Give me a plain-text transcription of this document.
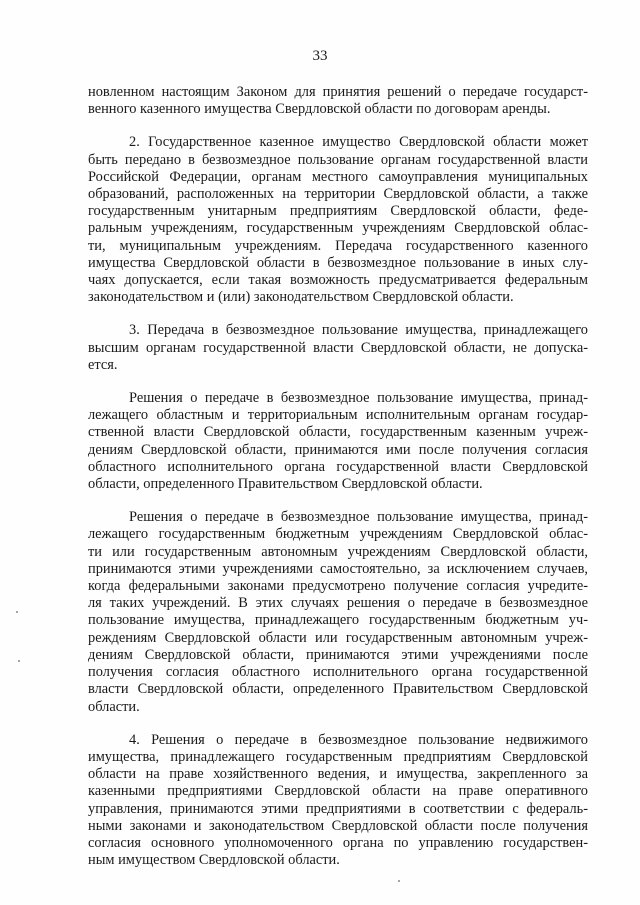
33
новленном настоящим Законом для принятия решений о передаче государст-
венного казенного имущества Свердловской области по договорам аренды.
2. Государственное казенное имущество Свердловской области может
быть передано в безвозмездное пользование органам государственной власти
Российской Федерации, органам местного самоуправления муниципальных
образований, расположенных на территории Свердловской области, а также
государственным унитарным предприятиям Свердловской области, феде-
ральным учреждениям, государственным учреждениям Свердловской облас-
ти, муниципальным учреждениям. Передача государственного казенного
имущества Свердловской области в безвозмездное пользование в иных слу-
чаях допускается, если такая возможность предусматривается федеральным
законодательством и (или) законодательством Свердловской области.
3. Передача в безвозмездное пользование имущества, принадлежащего
высшим органам государственной власти Свердловской области, не допуска-
ется.
Решения о передаче в безвозмездное пользование имущества, принад-
лежащего областным и территориальным исполнительным органам государ-
ственной власти Свердловской области, государственным казенным учреж-
дениям Свердловской области, принимаются ими после получения согласия
областного исполнительного органа государственной власти Свердловской
области, определенного Правительством Свердловской области.
Решения о передаче в безвозмездное пользование имущества, принад-
лежащего государственным бюджетным учреждениям Свердловской облас-
ти или государственным автономным учреждениям Свердловской области,
принимаются этими учреждениями самостоятельно, за исключением случаев,
когда федеральными законами предусмотрено получение согласия учредите-
ля таких учреждений. В этих случаях решения о передаче в безвозмездное
пользование имущества, принадлежащего государственным бюджетным уч-
реждениям Свердловской области или государственным автономным учреж-
дениям Свердловской области, принимаются этими учреждениями после
получения согласия областного исполнительного органа государственной
власти Свердловской области, определенного Правительством Свердловской
области.
4. Решения о передаче в безвозмездное пользование недвижимого
имущества, принадлежащего государственным предприятиям Свердловской
области на праве хозяйственного ведения, и имущества, закрепленного за
казенными предприятиями Свердловской области на праве оперативного
управления, принимаются этими предприятиями в соответствии с федераль-
ными законами и законодательством Свердловской области после получения
согласия основного уполномоченного органа по управлению государствен-
ным имуществом Свердловской области.
